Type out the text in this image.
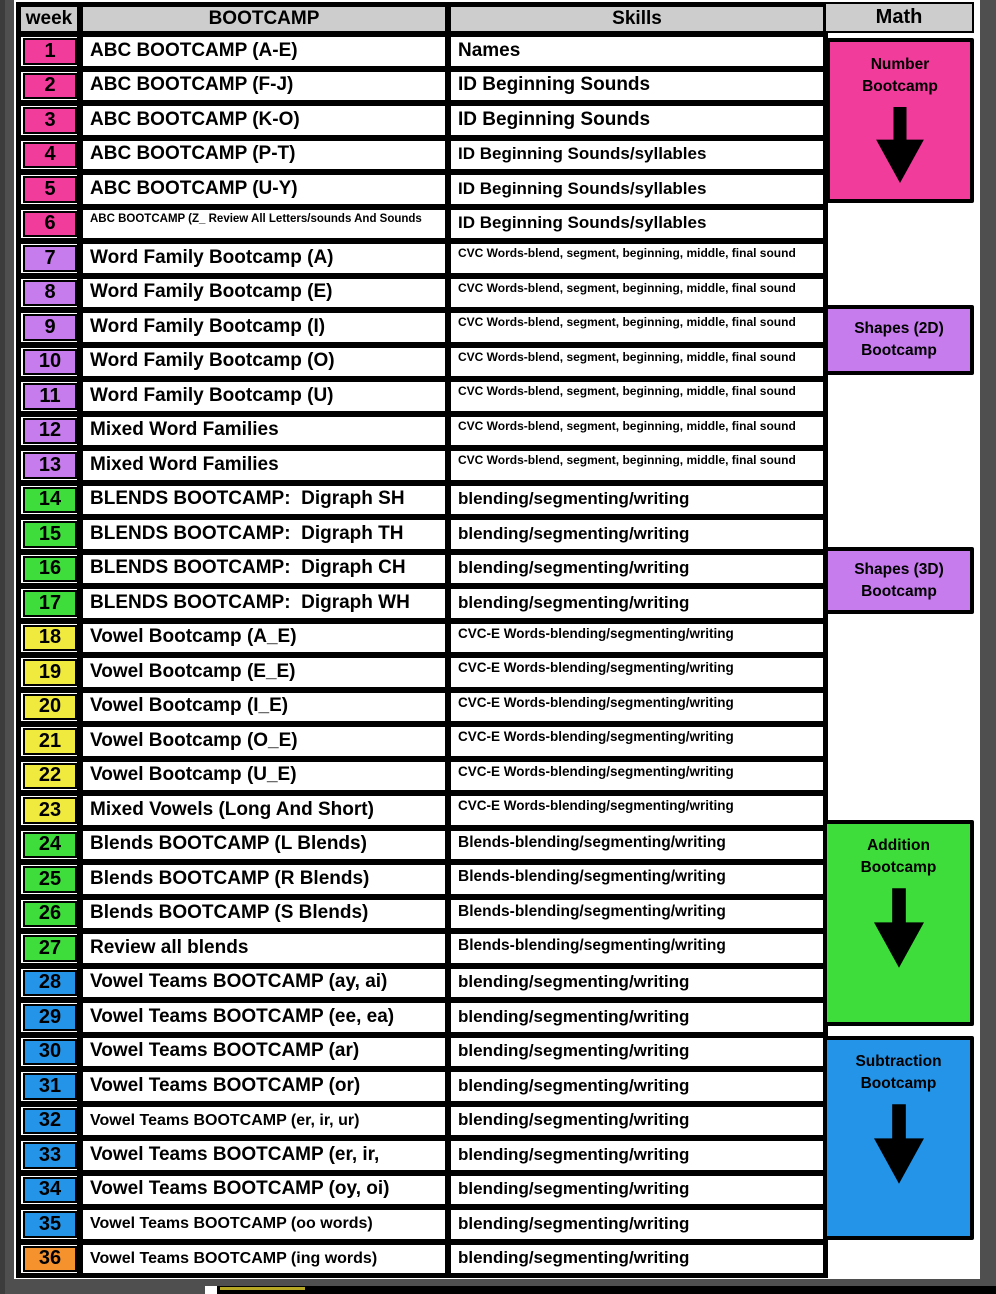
week	BOOTCAMP	Skills
1	ABC BOOTCAMP (A-E)	Names
2	ABC BOOTCAMP (F-J)	ID Beginning Sounds
3	ABC BOOTCAMP (K-O)	ID Beginning Sounds
4	ABC BOOTCAMP (P-T)	ID Beginning Sounds/syllables
5	ABC BOOTCAMP (U-Y)	ID Beginning Sounds/syllables
6	ABC BOOTCAMP (Z_ Review All Letters/sounds And Sounds	ID Beginning Sounds/syllables
7	Word Family Bootcamp (A)	CVC Words-blend, segment, beginning, middle, final sound
8	Word Family Bootcamp (E)	CVC Words-blend, segment, beginning, middle, final sound
9	Word Family Bootcamp (I)	CVC Words-blend, segment, beginning, middle, final sound
10	Word Family Bootcamp (O)	CVC Words-blend, segment, beginning, middle, final sound
11	Word Family Bootcamp (U)	CVC Words-blend, segment, beginning, middle, final sound
12	Mixed Word Families	CVC Words-blend, segment, beginning, middle, final sound
13	Mixed Word Families	CVC Words-blend, segment, beginning, middle, final sound
14	BLENDS BOOTCAMP:  Digraph SH	blending/segmenting/writing
15	BLENDS BOOTCAMP:  Digraph TH	blending/segmenting/writing
16	BLENDS BOOTCAMP:  Digraph CH	blending/segmenting/writing
17	BLENDS BOOTCAMP:  Digraph WH	blending/segmenting/writing
18	Vowel Bootcamp (A_E)	CVC-E Words-blending/segmenting/writing
19	Vowel Bootcamp (E_E)	CVC-E Words-blending/segmenting/writing
20	Vowel Bootcamp (I_E)	CVC-E Words-blending/segmenting/writing
21	Vowel Bootcamp (O_E)	CVC-E Words-blending/segmenting/writing
22	Vowel Bootcamp (U_E)	CVC-E Words-blending/segmenting/writing
23	Mixed Vowels (Long And Short)	CVC-E Words-blending/segmenting/writing
24	Blends BOOTCAMP (L Blends)	Blends-blending/segmenting/writing
25	Blends BOOTCAMP (R Blends)	Blends-blending/segmenting/writing
26	Blends BOOTCAMP (S Blends)	Blends-blending/segmenting/writing
27	Review all blends	Blends-blending/segmenting/writing
28	Vowel Teams BOOTCAMP (ay, ai)	blending/segmenting/writing
29	Vowel Teams BOOTCAMP (ee, ea)	blending/segmenting/writing
30	Vowel Teams BOOTCAMP (ar)	blending/segmenting/writing
31	Vowel Teams BOOTCAMP (or)	blending/segmenting/writing
32	Vowel Teams BOOTCAMP (er, ir, ur)	blending/segmenting/writing
33	Vowel Teams BOOTCAMP (er, ir,	blending/segmenting/writing
34	Vowel Teams BOOTCAMP (oy, oi)	blending/segmenting/writing
35	Vowel Teams BOOTCAMP (oo words)	blending/segmenting/writing
36	Vowel Teams BOOTCAMP (ing words)	blending/segmenting/writing
Math
Number Bootcamp
Shapes (2D) Bootcamp
Shapes (3D) Bootcamp
Addition Bootcamp
Subtraction Bootcamp
